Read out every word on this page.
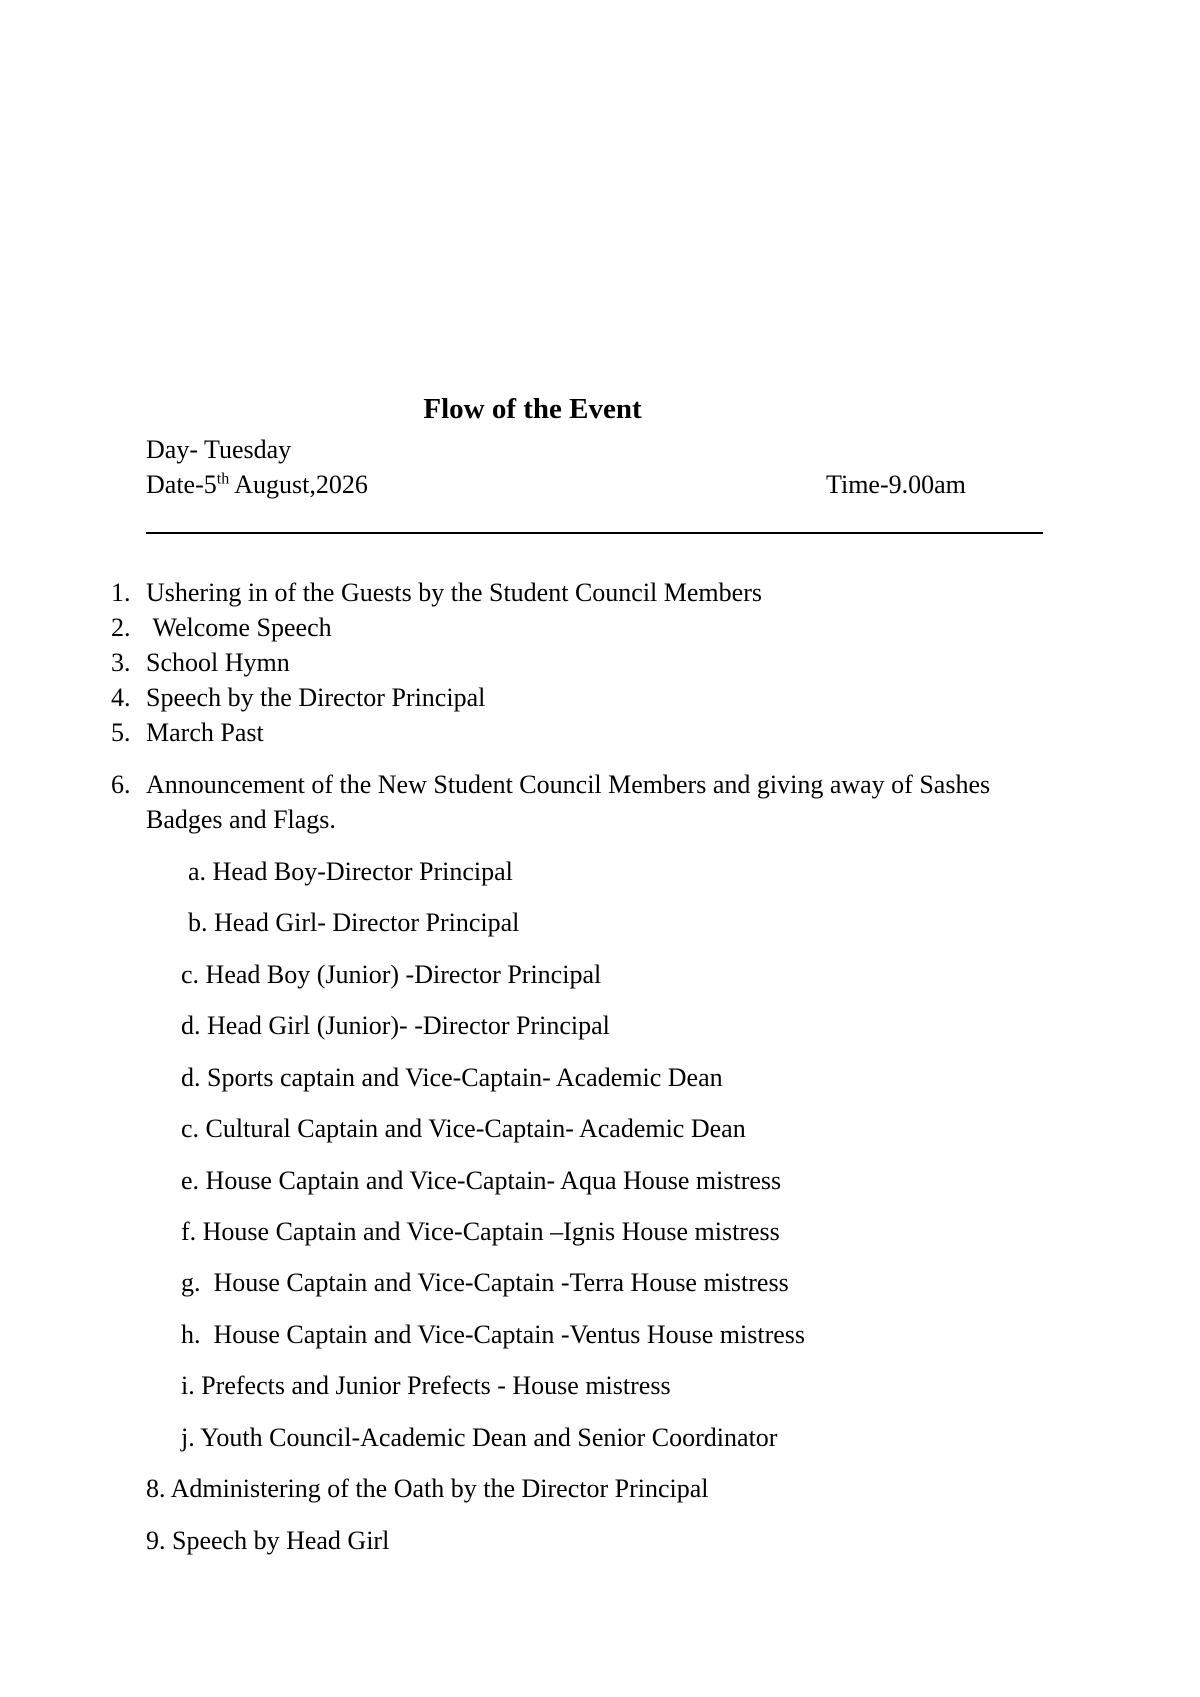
Flow of the Event
Day- Tuesday
Date-5th August,2026	Time-9.00am
1. Ushering in of the Guests by the Student Council Members
2. Welcome Speech
3. School Hymn
4. Speech by the Director Principal
5. March Past
6. Announcement of the New Student Council Members and giving away of Sashes
Badges and Flags.
a. Head Boy-Director Principal
b. Head Girl- Director Principal
c. Head Boy (Junior) -Director Principal
d. Head Girl (Junior)- -Director Principal
d. Sports captain and Vice-Captain- Academic Dean
c. Cultural Captain and Vice-Captain- Academic Dean
e. House Captain and Vice-Captain- Aqua House mistress
f. House Captain and Vice-Captain –Ignis House mistress
g.  House Captain and Vice-Captain -Terra House mistress
h.  House Captain and Vice-Captain -Ventus House mistress
i. Prefects and Junior Prefects - House mistress
j. Youth Council-Academic Dean and Senior Coordinator
8. Administering of the Oath by the Director Principal
9. Speech by Head Girl
